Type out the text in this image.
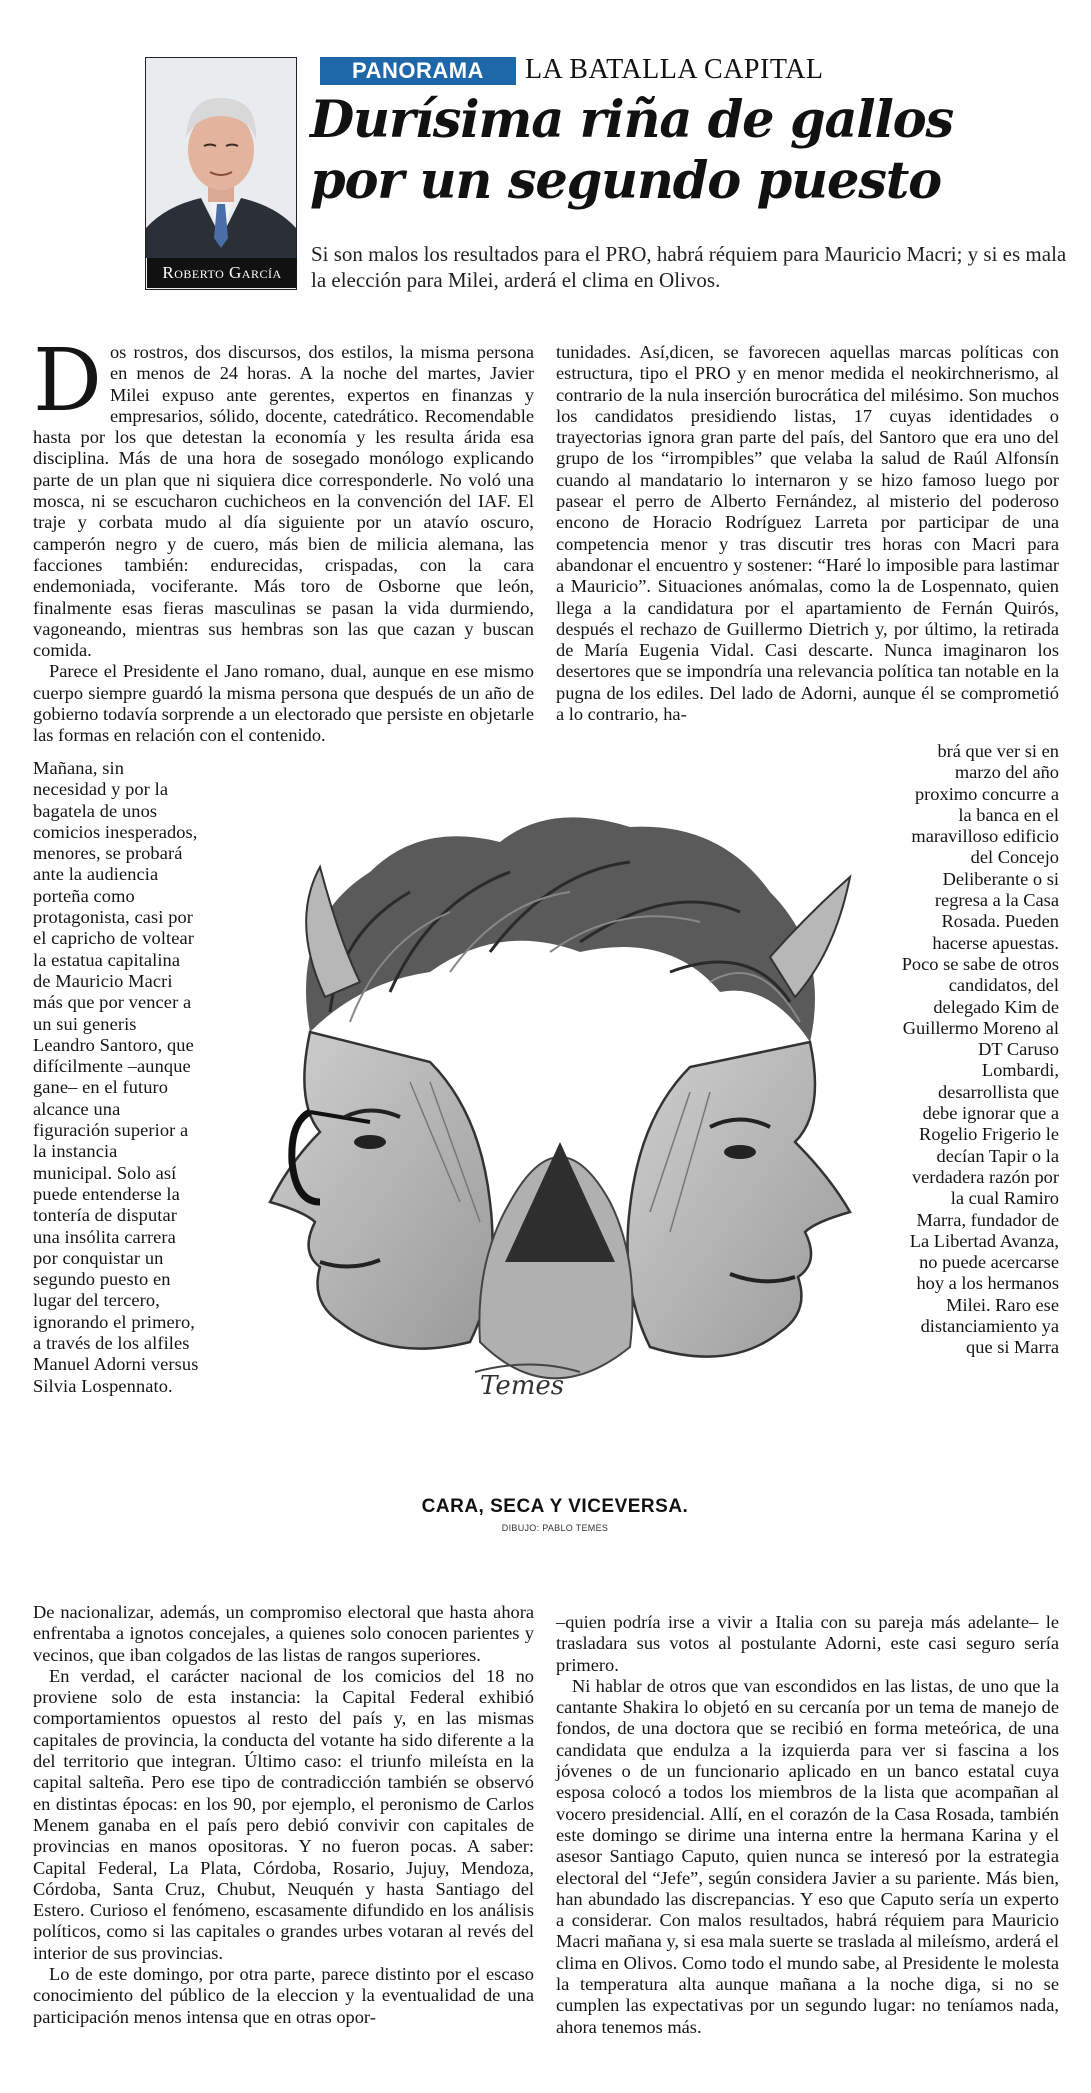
Roberto García
PANORAMA	LA BATALLA CAPITAL
Durísima riña de gallos
por un segundo puesto
Si son malos los resultados para el PRO, habrá réquiem para Mauricio Macri; y si es mala la elección para Milei, arderá el clima en Olivos.

Dos rostros, dos discursos, dos estilos, la misma persona en menos de 24 horas. A la noche del martes, Javier Milei expuso ante gerentes, expertos en finanzas y empresarios, sólido, docente, catedrático. Recomendable hasta por los que detestan la economía y les resulta árida esa disciplina. Más de una hora de sosegado monólogo explicando parte de un plan que ni siquiera dice corresponderle. No voló una mosca, ni se escucharon cuchicheos en la convención del IAF. El traje y corbata mudo al día siguiente por un atavío oscuro, camperón negro y de cuero, más bien de milicia alemana, las facciones también: endurecidas, crispadas, con la cara endemoniada, vociferante. Más toro de Osborne que león, finalmente esas fieras masculinas se pasan la vida durmiendo, vagoneando, mientras sus hembras son las que cazan y buscan comida.

Parece el Presidente el Jano romano, dual, aunque en ese mismo cuerpo siempre guardó la misma persona que después de un año de gobierno todavía sorprende a un electorado que persiste en objetarle las formas en relación con el contenido.

Mañana, sin necesidad y por la bagatela de unos comicios inesperados, menores, se probará ante la audiencia porteña como protagonista, casi por el capricho de voltear la estatua capitalina de Mauricio Macri más que por vencer a un sui generis Leandro Santoro, que difícilmente –aunque gane– en el futuro alcance una figuración superior a la instancia municipal. Solo así puede entenderse la tontería de disputar una insólita carrera por conquistar un segundo puesto en lugar del tercero, ignorando el primero, a través de los alfiles Manuel Adorni versus Silvia Lospennato.

De nacionalizar, además, un compromiso electoral que hasta ahora enfrentaba a ignotos concejales, a quienes solo conocen parientes y vecinos, que iban colgados de las listas de rangos superiores.

En verdad, el carácter nacional de los comicios del 18 no proviene solo de esta instancia: la Capital Federal exhibió comportamientos opuestos al resto del país y, en las mismas capitales de provincia, la conducta del votante ha sido diferente a la del territorio que integran. Último caso: el triunfo mileísta en la capital salteña. Pero ese tipo de contradicción también se observó en distintas épocas: en los 90, por ejemplo, el peronismo de Carlos Menem ganaba en el país pero debió convivir con capitales de provincias en manos opositoras. Y no fueron pocas. A saber: Capital Federal, La Plata, Córdoba, Rosario, Jujuy, Mendoza, Córdoba, Santa Cruz, Chubut, Neuquén y hasta Santiago del Estero. Curioso el fenómeno, escasamente difundido en los análisis políticos, como si las capitales o grandes urbes votaran al revés del interior de sus provincias.

Lo de este domingo, por otra parte, parece distinto por el escaso conocimiento del público de la eleccion y la eventualidad de una participación menos intensa que en otras opor-

tunidades. Así,dicen, se favorecen aquellas marcas políticas con estructura, tipo el PRO y en menor medida el neokirchnerismo, al contrario de la nula inserción burocrática del milésimo. Son muchos los candidatos presidiendo listas, 17 cuyas identidades o trayectorias ignora gran parte del país, del Santoro que era uno del grupo de los “irrompibles” que velaba la salud de Raúl Alfonsín cuando al mandatario lo internaron y se hizo famoso luego por pasear el perro de Alberto Fernández, al misterio del poderoso encono de Horacio Rodríguez Larreta por participar de una competencia menor y tras discutir tres horas con Macri para abandonar el encuentro y sostener: “Haré lo imposible para lastimar a Mauricio”. Situaciones anómalas, como la de Lospennato, quien llega a la candidatura por el apartamiento de Fernán Quirós, después el rechazo de Guillermo Dietrich y, por último, la retirada de María Eugenia Vidal. Casi descarte. Nunca imaginaron los desertores que se impondría una relevancia política tan notable en la pugna de los ediles. Del lado de Adorni, aunque él se comprometió a lo contrario, ha-

brá que ver si en marzo del año proximo concurre a la banca en el maravilloso edificio del Concejo Deliberante o si regresa a la Casa Rosada. Pueden hacerse apuestas. Poco se sabe de otros candidatos, del delegado Kim de Guillermo Moreno al DT Caruso Lombardi, desarrollista que debe ignorar que a Rogelio Frigerio le decían Tapir o la verdadera razón por la cual Ramiro Marra, fundador de La Libertad Avanza, no puede acercarse hoy a los hermanos Milei. Raro ese distanciamiento ya que si Marra

–quien podría irse a vivir a Italia con su pareja más adelante– le trasladara sus votos al postulante Adorni, este casi seguro sería primero.

Ni hablar de otros que van escondidos en las listas, de uno que la cantante Shakira lo objetó en su cercanía por un tema de manejo de fondos, de una doctora que se recibió en forma meteórica, de una candidata que endulza a la izquierda para ver si fascina a los jóvenes o de un funcionario aplicado en un banco estatal cuya esposa colocó a todos los miembros de la lista que acompañan al vocero presidencial. Allí, en el corazón de la Casa Rosada, también este domingo se dirime una interna entre la hermana Karina y el asesor Santiago Caputo, quien nunca se interesó por la estrategia electoral del “Jefe”, según considera Javier a su pariente. Más bien, han abundado las discrepancias. Y eso que Caputo sería un experto a considerar. Con malos resultados, habrá réquiem para Mauricio Macri mañana y, si esa mala suerte se traslada al mileísmo, arderá el clima en Olivos. Como todo el mundo sabe, al Presidente le molesta la temperatura alta aunque mañana a la noche diga, si no se cumplen las expectativas por un segundo lugar: no teníamos nada, ahora tenemos más.

Temes
CARA, SECA Y VICEVERSA.
DIBUJO: PABLO TEMES
